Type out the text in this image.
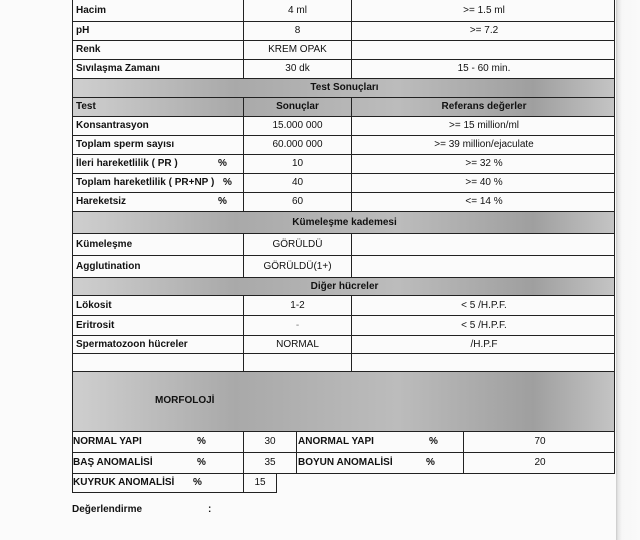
Hacim	4 ml	>= 1.5 ml
pH	8	>= 7.2
Renk	KREM OPAK
Sıvılaşma Zamanı	30 dk	15 - 60 min.
Test Sonuçları
Test	Sonuçlar	Referans değerler
Konsantrasyon	15.000 000	>= 15 million/ml
Toplam sperm sayısı	60.000 000	>= 39 million/ejaculate
İleri hareketlilik ( PR )	%	10	>= 32 %
Toplam hareketlilik ( PR+NP ) %	40	>= 40 %
Hareketsiz	%	60	<= 14 %
Kümeleşme kademesi
Kümeleşme	GÖRÜLDÜ
Agglutination	GÖRÜLDÜ(1+)
Diğer hücreler
Lökosit	1-2	< 5 /H.P.F.
Eritrosit	-	< 5 /H.P.F.
Spermatozoon hücreler	NORMAL	/H.P.F
MORFOLOJİ
NORMAL YAPI	%	30	ANORMAL YAPI	%	70
BAŞ ANOMALİSİ	%	35	BOYUN ANOMALİSİ	%	20
KUYRUK ANOMALİSİ	%	15
Değerlendirme	:
